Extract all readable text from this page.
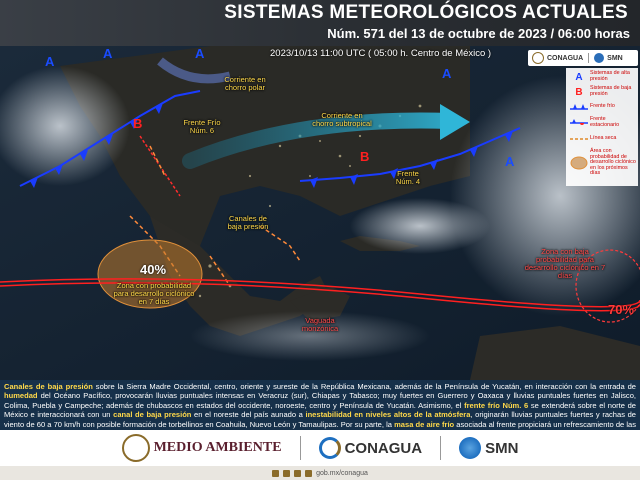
SISTEMAS METEOROLÓGICOS ACTUALES
Núm. 571 del 13 de octubre de 2023 / 06:00 horas
A	A
A
A
A
B
B
Corriente en chorro polar
Frente Frío Núm. 6
Corriente en chorro subtropical
Frente Núm. 4
Canales de baja presión
Zona con probabilidad para desarrollo ciclónico en 7 días
Zona con baja probabilidad para desarrollo ciclónico en 7 días
Vaguada monzónica
40%
70%
2023/10/13 11:00 UTC ( 05:00 h. Centro de México )	CONAGUA	SMN
A	Sistemas de alta presión
B	Sistemas de baja presión
Frente frío
Frente estacionario
Línea seca
Área con probabilidad de desarrollo ciclónico en los próximos días

Canales de baja presión sobre la Sierra Madre Occidental, centro, oriente y sureste de la República Mexicana, además de la Península de Yucatán, en interacción con la entrada de humedad del Océano Pacífico, provocarán lluvias puntuales intensas en Veracruz (sur), Chiapas y Tabasco; muy fuertes en Guerrero y Oaxaca y lluvias puntuales fuertes en Jalisco, Colima, Puebla y Campeche; además de chubascos en estados del occidente, noroeste, centro y Península de Yucatán. Asimismo, el frente frío Núm. 6 se extenderá sobre el norte de México e interaccionará con un canal de baja presión en el noreste del país aunado a inestabilidad en niveles altos de la atmósfera, originarán lluvias puntuales fuertes y rachas de viento de 60 a 70 km/h con posible formación de torbellinos en Coahuila, Nuevo León y Tamaulipas. Por su parte, la masa de aire frío asociada al frente propiciará un refrescamiento de las

MEDIO AMBIENTE	CONAGUA	SMN
gob.mx/conagua
